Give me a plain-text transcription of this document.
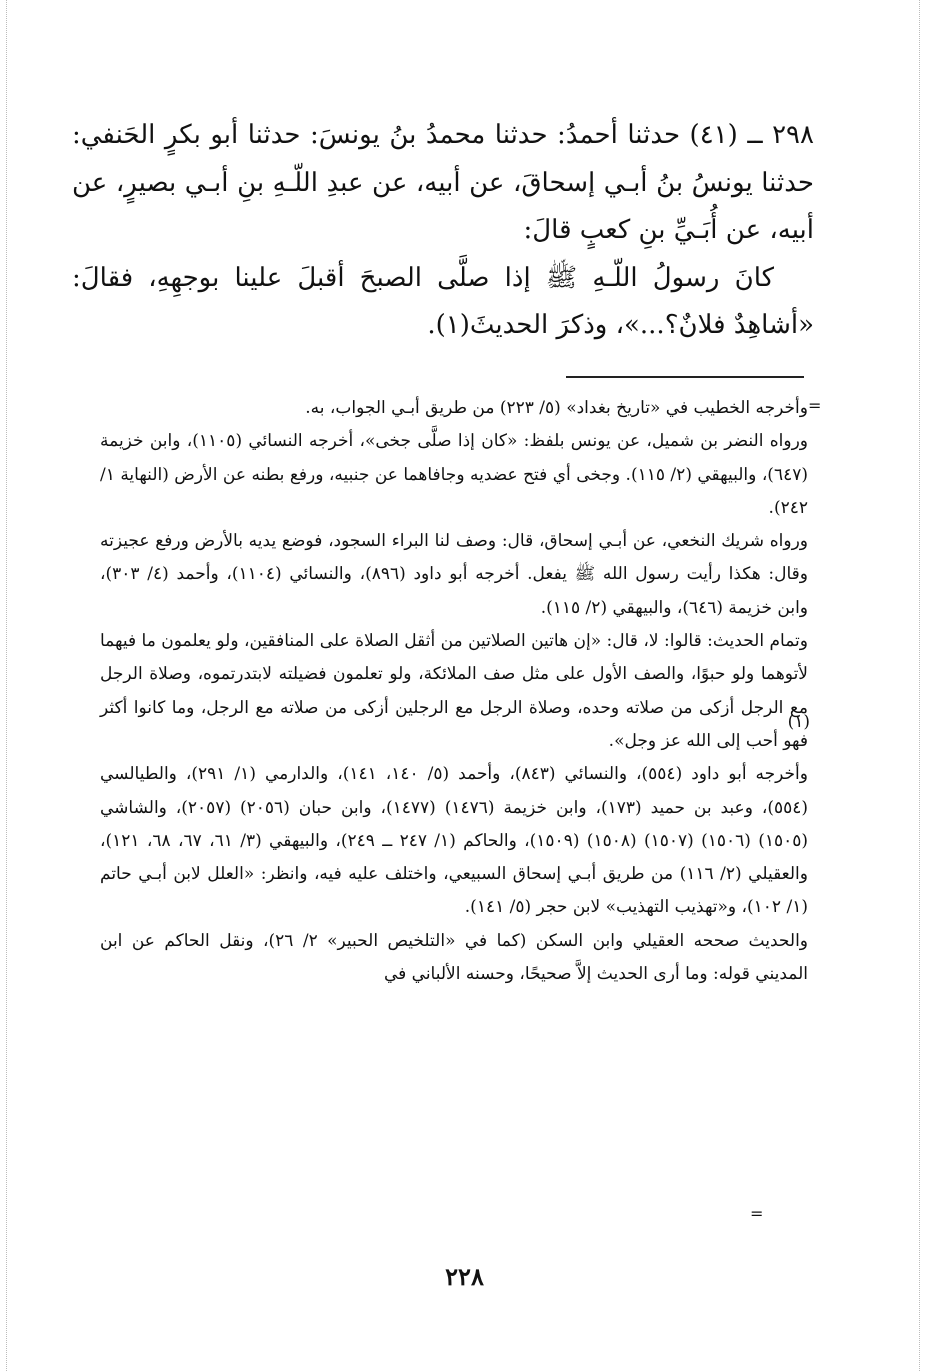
٢٩٨ ــ (٤١) حدثنا أحمدُ: حدثنا محمدُ بنُ يونسَ: حدثنا أبو بكرٍ الحَنفي: حدثنا يونسُ بنُ أبـي إسحاقَ، عن أبيه، عن عبدِ اللّـهِ بنِ أبـي بصيرٍ، عن أبيه، عن أُبَـيِّ بنِ كعبٍ قالَ:

كانَ رسولُ اللّـهِ ﷺ إذا صلَّى الصبحَ أقبلَ علينا بوجهِهِ، فقالَ: «أشاهِدٌ فلانٌ؟...»، وذكرَ الحديثَ(١).

=

وأخرجه الخطيب في «تاريخ بغداد» (٥/ ٢٢٣) من طريق أبـي الجواب، به.

ورواه النضر بن شميل، عن يونس بلفظ: «كان إذا صلَّى جخى»، أخرجه النسائي (١١٠٥)، وابن خزيمة (٦٤٧)، والبيهقي (٢/ ١١٥). وجخى أي فتح عضديه وجافاهما عن جنبيه، ورفع بطنه عن الأرض (النهاية ١/ ٢٤٢).

ورواه شريك النخعي، عن أبـي إسحاق، قال: وصف لنا البراء السجود، فوضع يديه بالأرض ورفع عجيزته وقال: هكذا رأيت رسول الله ﷺ يفعل. أخرجه أبو داود (٨٩٦)، والنسائي (١١٠٤)، وأحمد (٤/ ٣٠٣)، وابن خزيمة (٦٤٦)، والبيهقي (٢/ ١١٥).

وتمام الحديث: قالوا: لا، قال: «إن هاتين الصلاتين من أثقل الصلاة على المنافقين، ولو يعلمون ما فيهما لأتوهما ولو حبوًا، والصف الأول على مثل صف الملائكة، ولو تعلمون فضيلته لابتدرتموه، وصلاة الرجل مع الرجل أزكى من صلاته وحده، وصلاة الرجل مع الرجلين أزكى من صلاته مع الرجل، وما كانوا أكثر فهو أحب إلى الله عز وجل».

وأخرجه أبو داود (٥٥٤)، والنسائي (٨٤٣)، وأحمد (٥/ ١٤٠، ١٤١)، والدارمي (١/ ٢٩١)، والطيالسي (٥٥٤)، وعبد بن حميد (١٧٣)، وابن خزيمة (١٤٧٦) (١٤٧٧)، وابن حبان (٢٠٥٦) (٢٠٥٧)، والشاشي (١٥٠٥) (١٥٠٦) (١٥٠٧) (١٥٠٨) (١٥٠٩)، والحاكم (١/ ٢٤٧ ــ ٢٤٩)، والبيهقي (٣/ ٦١، ٦٧، ٦٨، ١٢١)، والعقيلي (٢/ ١١٦) من طريق أبـي إسحاق السبيعي، واختلف عليه فيه، وانظر: «العلل لابن أبـي حاتم (١/ ١٠٢)، و«تهذيب التهذيب» لابن حجر (٥/ ١٤١).

والحديث صححه العقيلي وابن السكن (كما في «التلخيص الحبير» ٢/ ٢٦)، ونقل الحاكم عن ابن المديني قوله: وما أرى الحديث إلاَّ صحيحًا، وحسنه الألباني في

(١)
=
٢٢٨
